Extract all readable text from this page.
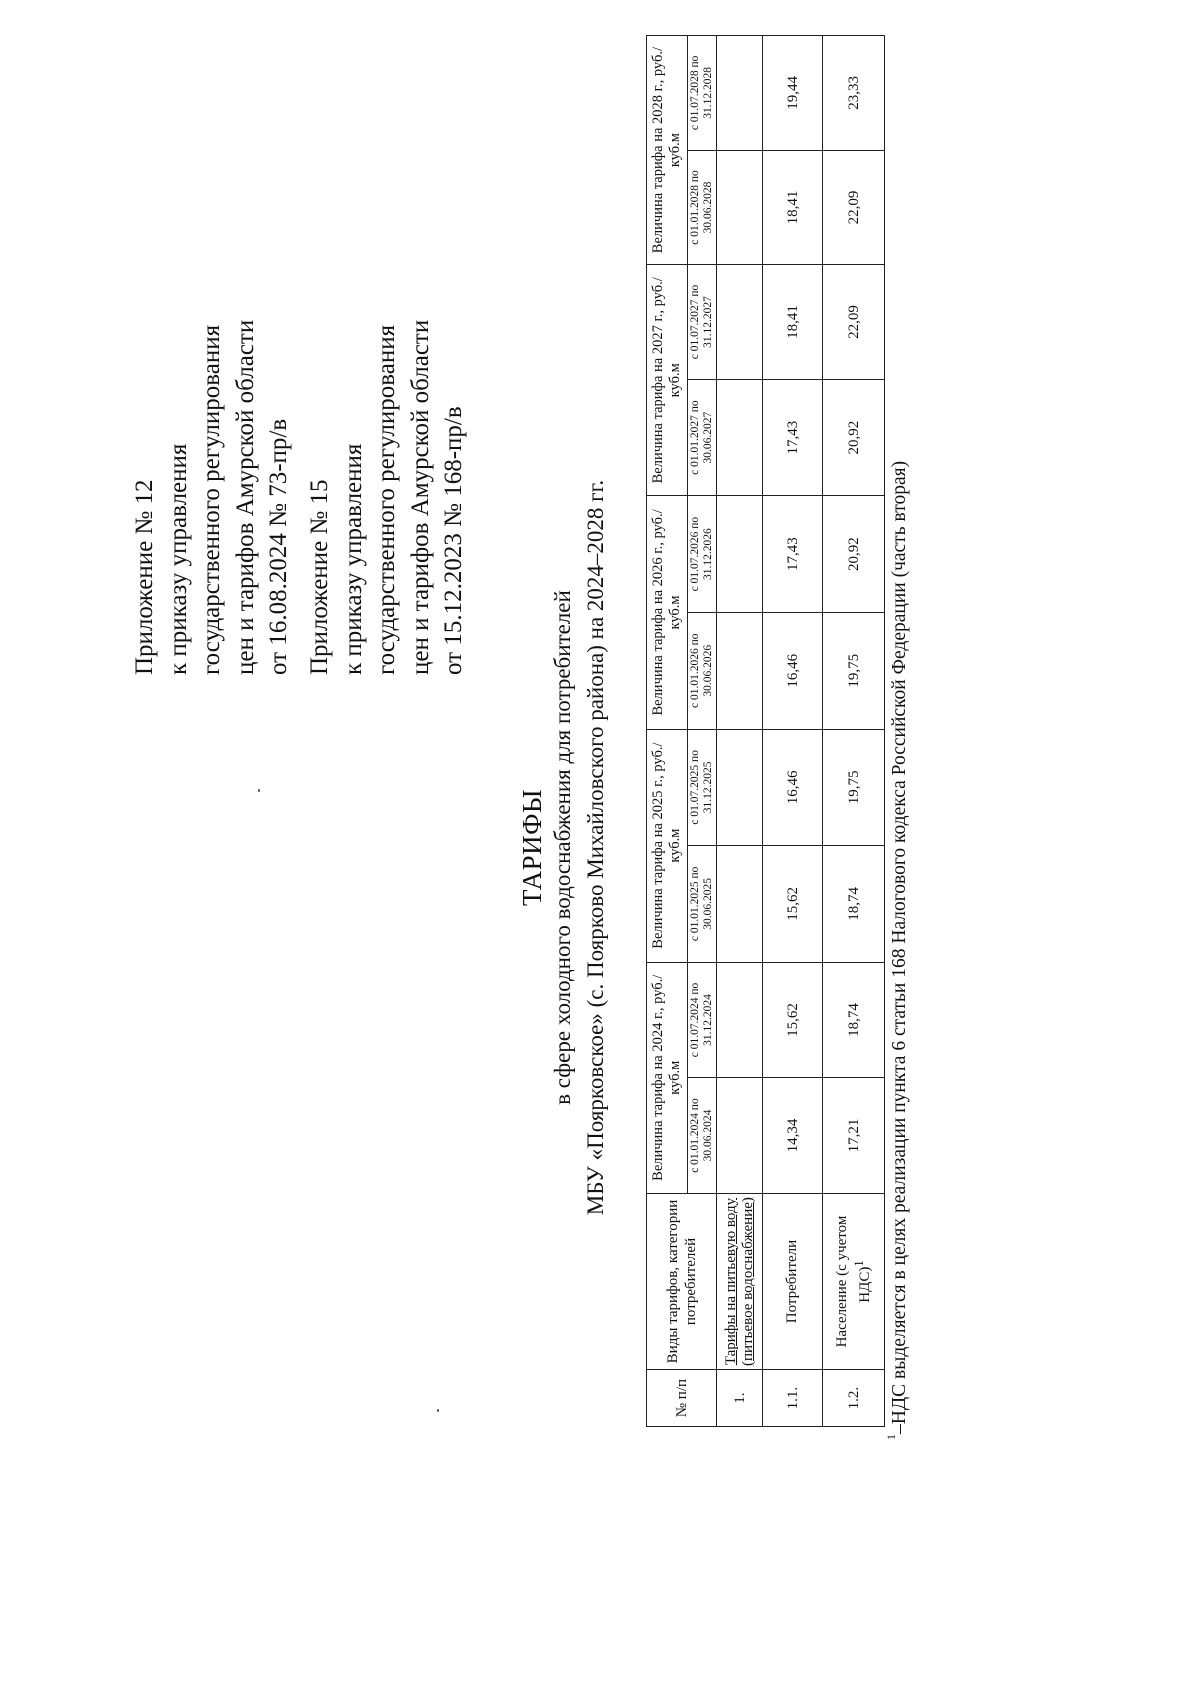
Приложение № 12 к приказу управления государственного регулирования цен и тарифов Амурской области от 16.08.2024 № 73-пр/в Приложение № 15 к приказу управления государственного регулирования цен и тарифов Амурской области от 15.12.2023 № 168-пр/в
ТАРИФЫ в сфере холодного водоснабжения для потребителей МБУ «Поярковское» (с. Поярково Михайловского района) на 2024–2028 гг.
№ п/п	Виды тарифов, категории потребителей	Величина тарифа на 2024 г., руб./куб.м		Величина тарифа на 2025 г., руб./куб.м		Величина тарифа на 2026 г., руб./куб.м		Величина тарифа на 2027 г., руб./куб.м		Величина тарифа на 2028 г., руб./куб.м	
		с 01.01.2024 по 30.06.2024	с 01.07.2024 по 31.12.2024	с 01.01.2025 по 30.06.2025	с 01.07.2025 по 31.12.2025	с 01.01.2026 по 30.06.2026	с 01.07.2026 по 31.12.2026	с 01.01.2027 по 30.06.2027	с 01.07.2027 по 31.12.2027	с 01.01.2028 по 30.06.2028	с 01.07.2028 по 31.12.2028
1.	Тарифы на питьевую воду (питьевое водоснабжение)										
1.1.	Потребители	14,34	15,62	15,62	16,46	16,46	17,43	17,43	18,41	18,41	19,44
1.2.	Население (с учетом НДС)$^1$	17,21	18,74	18,74	19,75	19,75	20,92	20,92	22,09	22,09	23,33
$^1$–НДС выделяется в целях реализации пункта 6 статьи 168 Налогового кодекса Российской Федерации (часть вторая)
